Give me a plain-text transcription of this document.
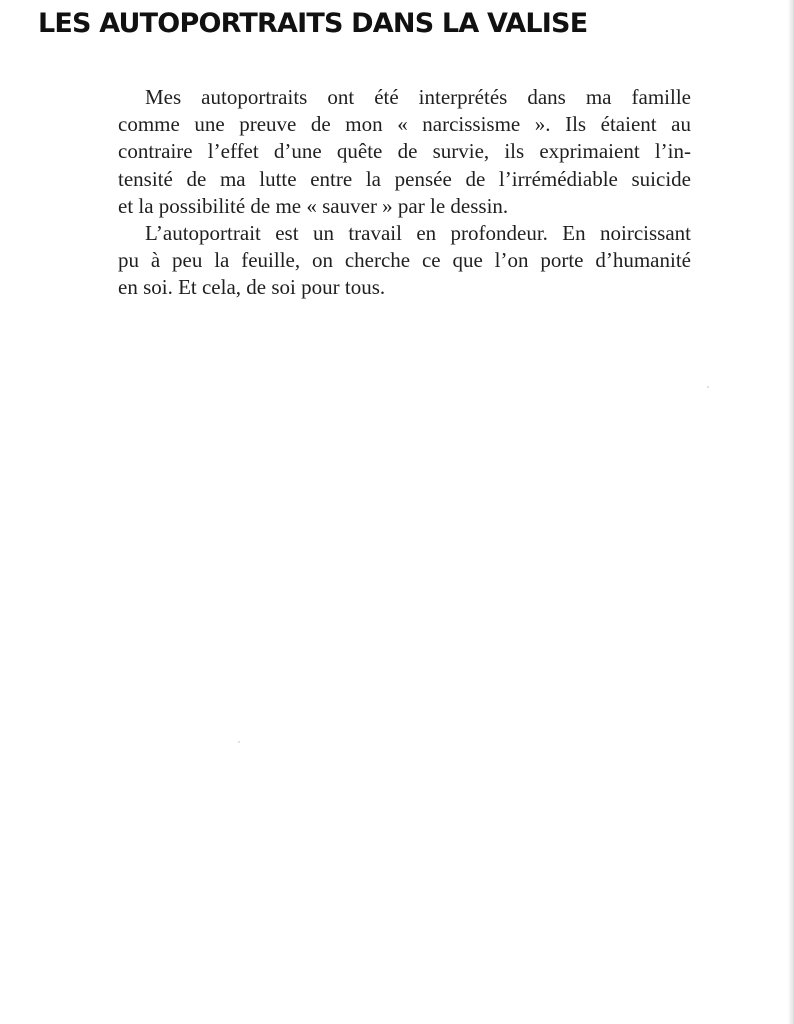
LES AUTOPORTRAITS DANS LA VALISE

Mes autoportraits ont été interprétés dans ma famille
comme une preuve de mon « narcissisme ». Ils étaient au
contraire l’effet d’une quête de survie, ils exprimaient l’in-
tensité de ma lutte entre la pensée de l’irrémédiable suicide
et la possibilité de me « sauver » par le dessin.

L’autoportrait est un travail en profondeur. En noircissant
pu à peu la feuille, on cherche ce que l’on porte d’humanité
en soi. Et cela, de soi pour tous.
